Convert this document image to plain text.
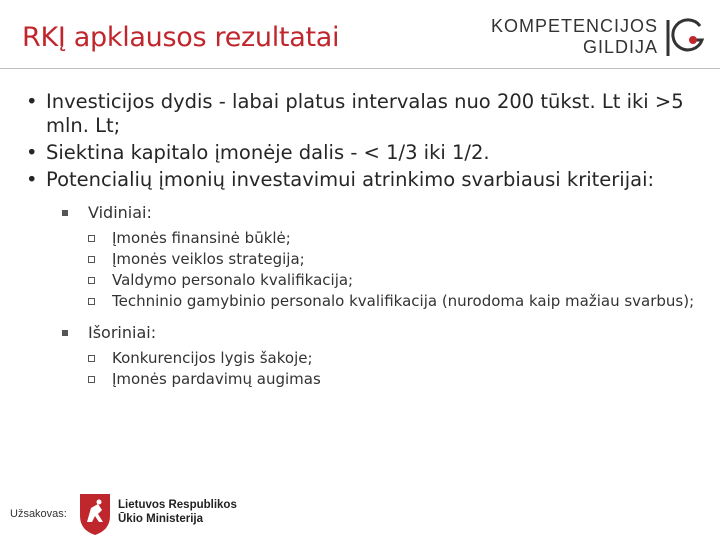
RKĮ apklausos rezultatai	KOMPETENCIJOS
GILDIJA
• Investicijos dydis - labai platus intervalas nuo 200 tūkst. Lt iki >5 mln. Lt;
• Siektina kapitalo įmonėje dalis - < 1/3 iki 1/2.
• Potencialių įmonių investavimui atrinkimo svarbiausi kriterijai:
Vidiniai:
Įmonės finansinė būklė;
Įmonės veiklos strategija;
Valdymo personalo kvalifikacija;
Techninio gamybinio personalo kvalifikacija (nurodoma kaip mažiau svarbus);
Išoriniai:
Konkurencijos lygis šakoje;
Įmonės pardavimų augimas
Užsakovas:
Lietuvos Respublikos
Ūkio Ministerija
